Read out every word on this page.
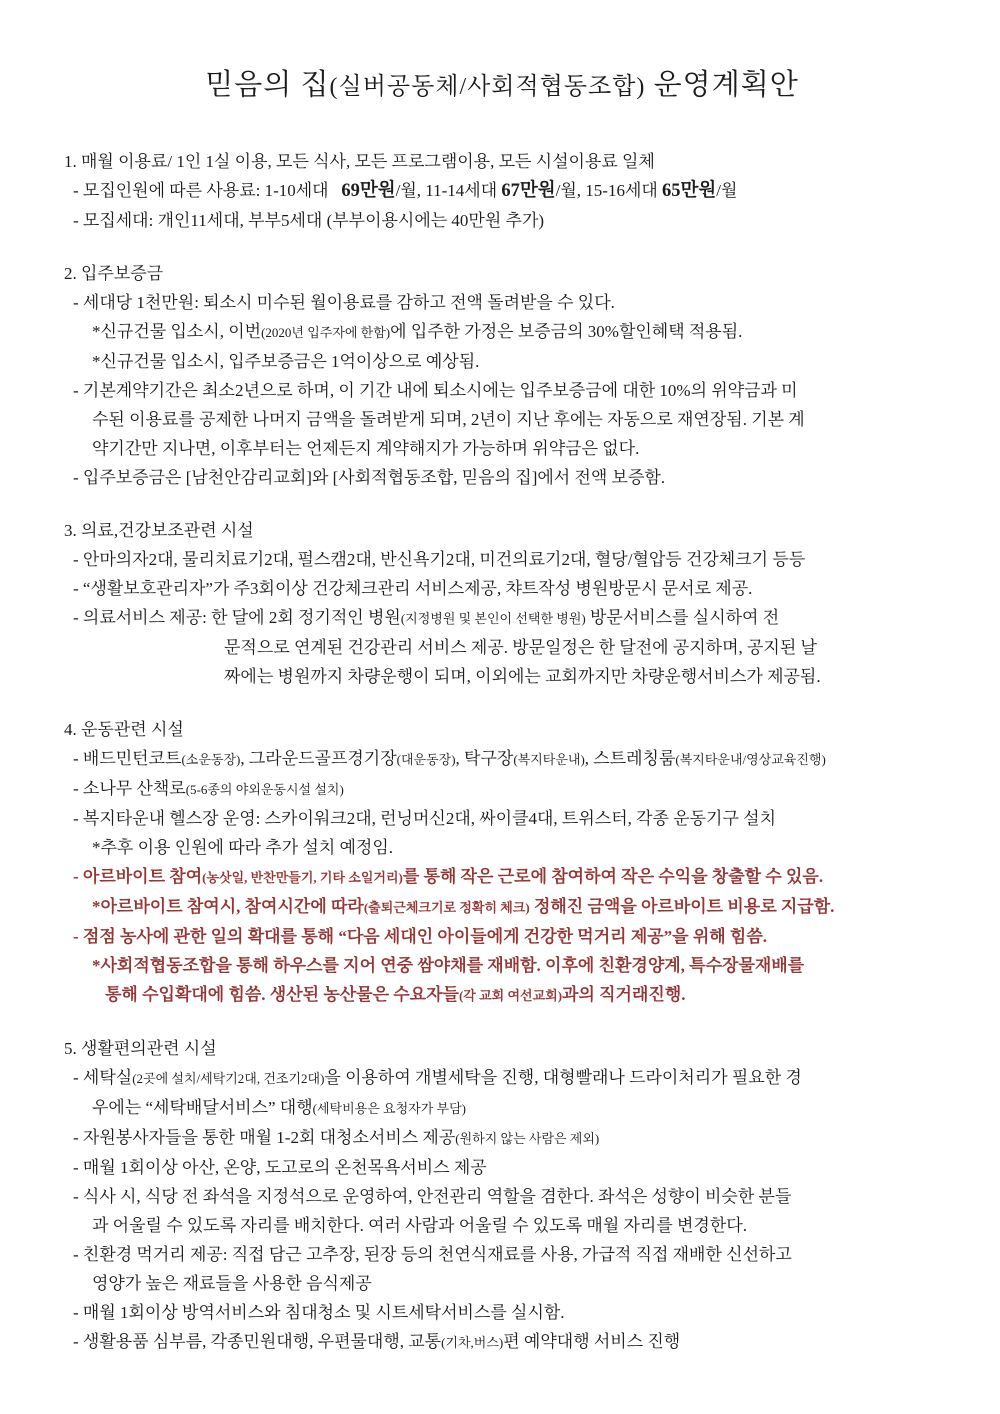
믿음의 집(실버공동체/사회적협동조합) 운영계획안
1. 매월 이용료/ 1인 1실 이용, 모든 식사, 모든 프로그램이용, 모든 시설이용료 일체
- 모집인원에 따른 사용료: 1-10세대   69만원/월, 11-14세대 67만원/월, 15-16세대 65만원/월
- 모집세대: 개인11세대, 부부5세대 (부부이용시에는 40만원 추가)
2. 입주보증금
- 세대당 1천만원: 퇴소시 미수된 월이용료를 감하고 전액 돌려받을 수 있다.
*신규건물 입소시, 이번(2020년 입주자에 한함)에 입주한 가정은 보증금의 30%할인혜택 적용됨.
*신규건물 입소시, 입주보증금은 1억이상으로 예상됨.
- 기본계약기간은 최소2년으로 하며, 이 기간 내에 퇴소시에는 입주보증금에 대한 10%의 위약금과 미
수된 이용료를 공제한 나머지 금액을 돌려받게 되며, 2년이 지난 후에는 자동으로 재연장됨. 기본 계
약기간만 지나면, 이후부터는 언제든지 계약해지가 가능하며 위약금은 없다.
- 입주보증금은 [남천안감리교회]와 [사회적협동조합, 믿음의 집]에서 전액 보증함.
3. 의료,건강보조관련 시설
- 안마의자2대, 물리치료기2대, 펄스캠2대, 반신욕기2대, 미건의료기2대, 혈당/혈압등 건강체크기 등등
- “생활보호관리자”가 주3회이상 건강체크관리 서비스제공, 챠트작성 병원방문시 문서로 제공.
- 의료서비스 제공: 한 달에 2회 정기적인 병원(지정병원 및 본인이 선택한 병원) 방문서비스를 실시하여 전
문적으로 연계된 건강관리 서비스 제공. 방문일정은 한 달전에 공지하며, 공지된 날
짜에는 병원까지 차량운행이 되며, 이외에는 교회까지만 차량운행서비스가 제공됨.
4. 운동관련 시설
- 배드민턴코트(소운동장), 그라운드골프경기장(대운동장), 탁구장(복지타운내), 스트레칭룸(복지타운내/영상교육진행)
- 소나무 산책로(5-6종의 야외운동시설 설치)
- 복지타운내 헬스장 운영: 스카이워크2대, 런닝머신2대, 싸이클4대, 트위스터, 각종 운동기구 설치
*추후 이용 인원에 따라 추가 설치 예정임.
- 아르바이트 참여(농삿일, 반찬만들기, 기타 소일거리)를 통해 작은 근로에 참여하여 작은 수익을 창출할 수 있음.
*아르바이트 참여시, 참여시간에 따라(출퇴근체크기로 정확히 체크) 정해진 금액을 아르바이트 비용로 지급함.
- 점점 농사에 관한 일의 확대를 통해 “다음 세대인 아이들에게 건강한 먹거리 제공”을 위해 힘씀.
*사회적협동조합을 통해 하우스를 지어 연중 쌈야채를 재배함. 이후에 친환경양계, 특수장물재배를
통해 수입확대에 힘씀. 생산된 농산물은 수요자들(각 교회 여선교회)과의 직거래진행.
5. 생활편의관련 시설
- 세탁실(2곳에 설치/세탁기2대, 건조기2대)을 이용하여 개별세탁을 진행, 대형빨래나 드라이처리가 필요한 경
우에는 “세탁배달서비스” 대행(세탁비용은 요청자가 부담)
- 자원봉사자들을 통한 매월 1-2회 대청소서비스 제공(원하지 않는 사람은 제외)
- 매월 1회이상 아산, 온양, 도고로의 온천목욕서비스 제공
- 식사 시, 식당 전 좌석을 지정석으로 운영하여, 안전관리 역할을 겸한다. 좌석은 성향이 비슷한 분들
과 어울릴 수 있도록 자리를 배치한다. 여러 사람과 어울릴 수 있도록 매월 자리를 변경한다.
- 친환경 먹거리 제공: 직접 담근 고추장, 된장 등의 천연식재료를 사용, 가급적 직접 재배한 신선하고
영양가 높은 재료들을 사용한 음식제공
- 매월 1회이상 방역서비스와 침대청소 및 시트세탁서비스를 실시함.
- 생활용품 심부름, 각종민원대행, 우편물대행, 교통(기차,버스)편 예약대행 서비스 진행
